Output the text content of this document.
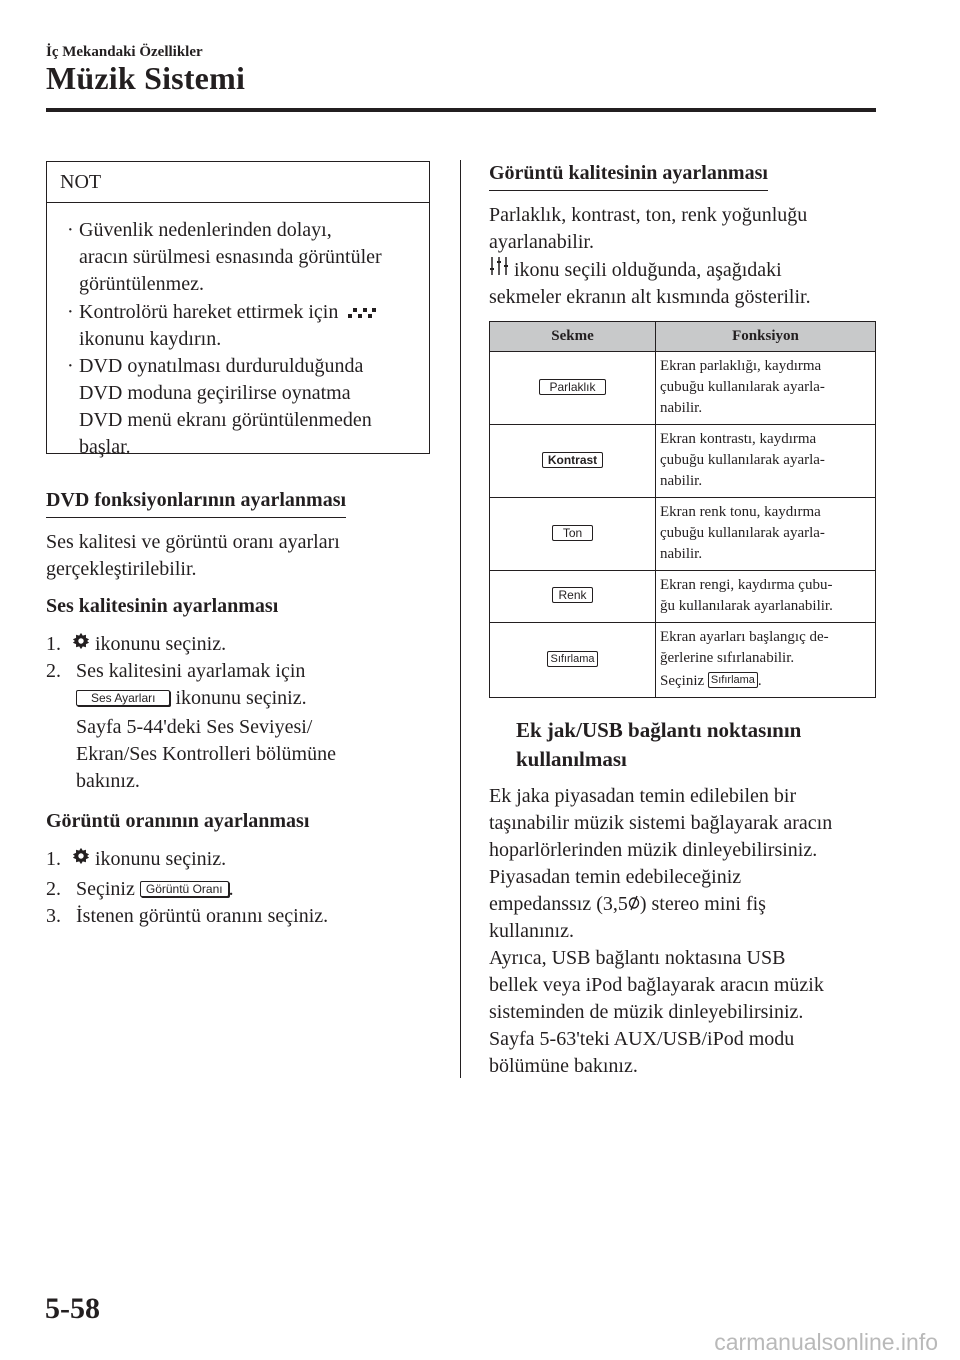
İç Mekandaki Özellikler
Müzik Sistemi
NOT
· Güvenlik nedenlerinden dolayı,
aracın sürülmesi esnasında görüntüler
görüntülenmez.
· Kontrolörü hareket ettirmek için
ikonunu kaydırın.
· DVD oynatılması durdurulduğunda
DVD moduna geçirilirse oynatma
DVD menü ekranı görüntülenmeden
başlar.
DVD fonksiyonlarının ayarlanması
Ses kalitesi ve görüntü oranı ayarları
gerçekleştirilebilir.
Ses kalitesinin ayarlanması
1. ikonunu seçiniz.
2. Ses kalitesini ayarlamak için
Ses Ayarları ikonunu seçiniz.
Sayfa 5-44'deki Ses Seviyesi/
Ekran/Ses Kontrolleri bölümüne
bakınız.
Görüntü oranının ayarlanması
1. ikonunu seçiniz.
2. Seçiniz Görüntü Oranı .
3. İstenen görüntü oranını seçiniz.
Görüntü kalitesinin ayarlanması
Parlaklık, kontrast, ton, renk yoğunluğu
ayarlanabilir.
ikonu seçili olduğunda, aşağıdaki
sekmeler ekranın alt kısmında gösterilir.
Sekme	Fonksiyon
Parlaklık	Ekran parlaklığı, kaydırma
çubuğu kullanılarak ayarla-
nabilir.

Kontrast	Ekran kontrastı, kaydırma
çubuğu kullanılarak ayarla-
nabilir.

Ton	Ekran renk tonu, kaydırma
çubuğu kullanılarak ayarla-
nabilir.

Renk	Ekran rengi, kaydırma çubu-
ğu kullanılarak ayarlanabilir.

Sıfırlama	Ekran ayarları başlangıç de-
ğerlerine sıfırlanabilir.
Seçiniz Sıfırlama .
Ek jak/USB bağlantı noktasının
kullanılması
Ek jaka piyasadan temin edilebilen bir
taşınabilir müzik sistemi bağlayarak aracın
hoparlörlerinden müzik dinleyebilirsiniz.
Piyasadan temin edebileceğiniz
empedanssız (3,5 ) stereo mini fiş
kullanınız.
Ayrıca, USB bağlantı noktasına USB
bellek veya iPod bağlayarak aracın müzik
sisteminden de müzik dinleyebilirsiniz.
Sayfa 5-63'teki AUX/USB/iPod modu
bölümüne bakınız.
5-58
carmanualsonline.info
